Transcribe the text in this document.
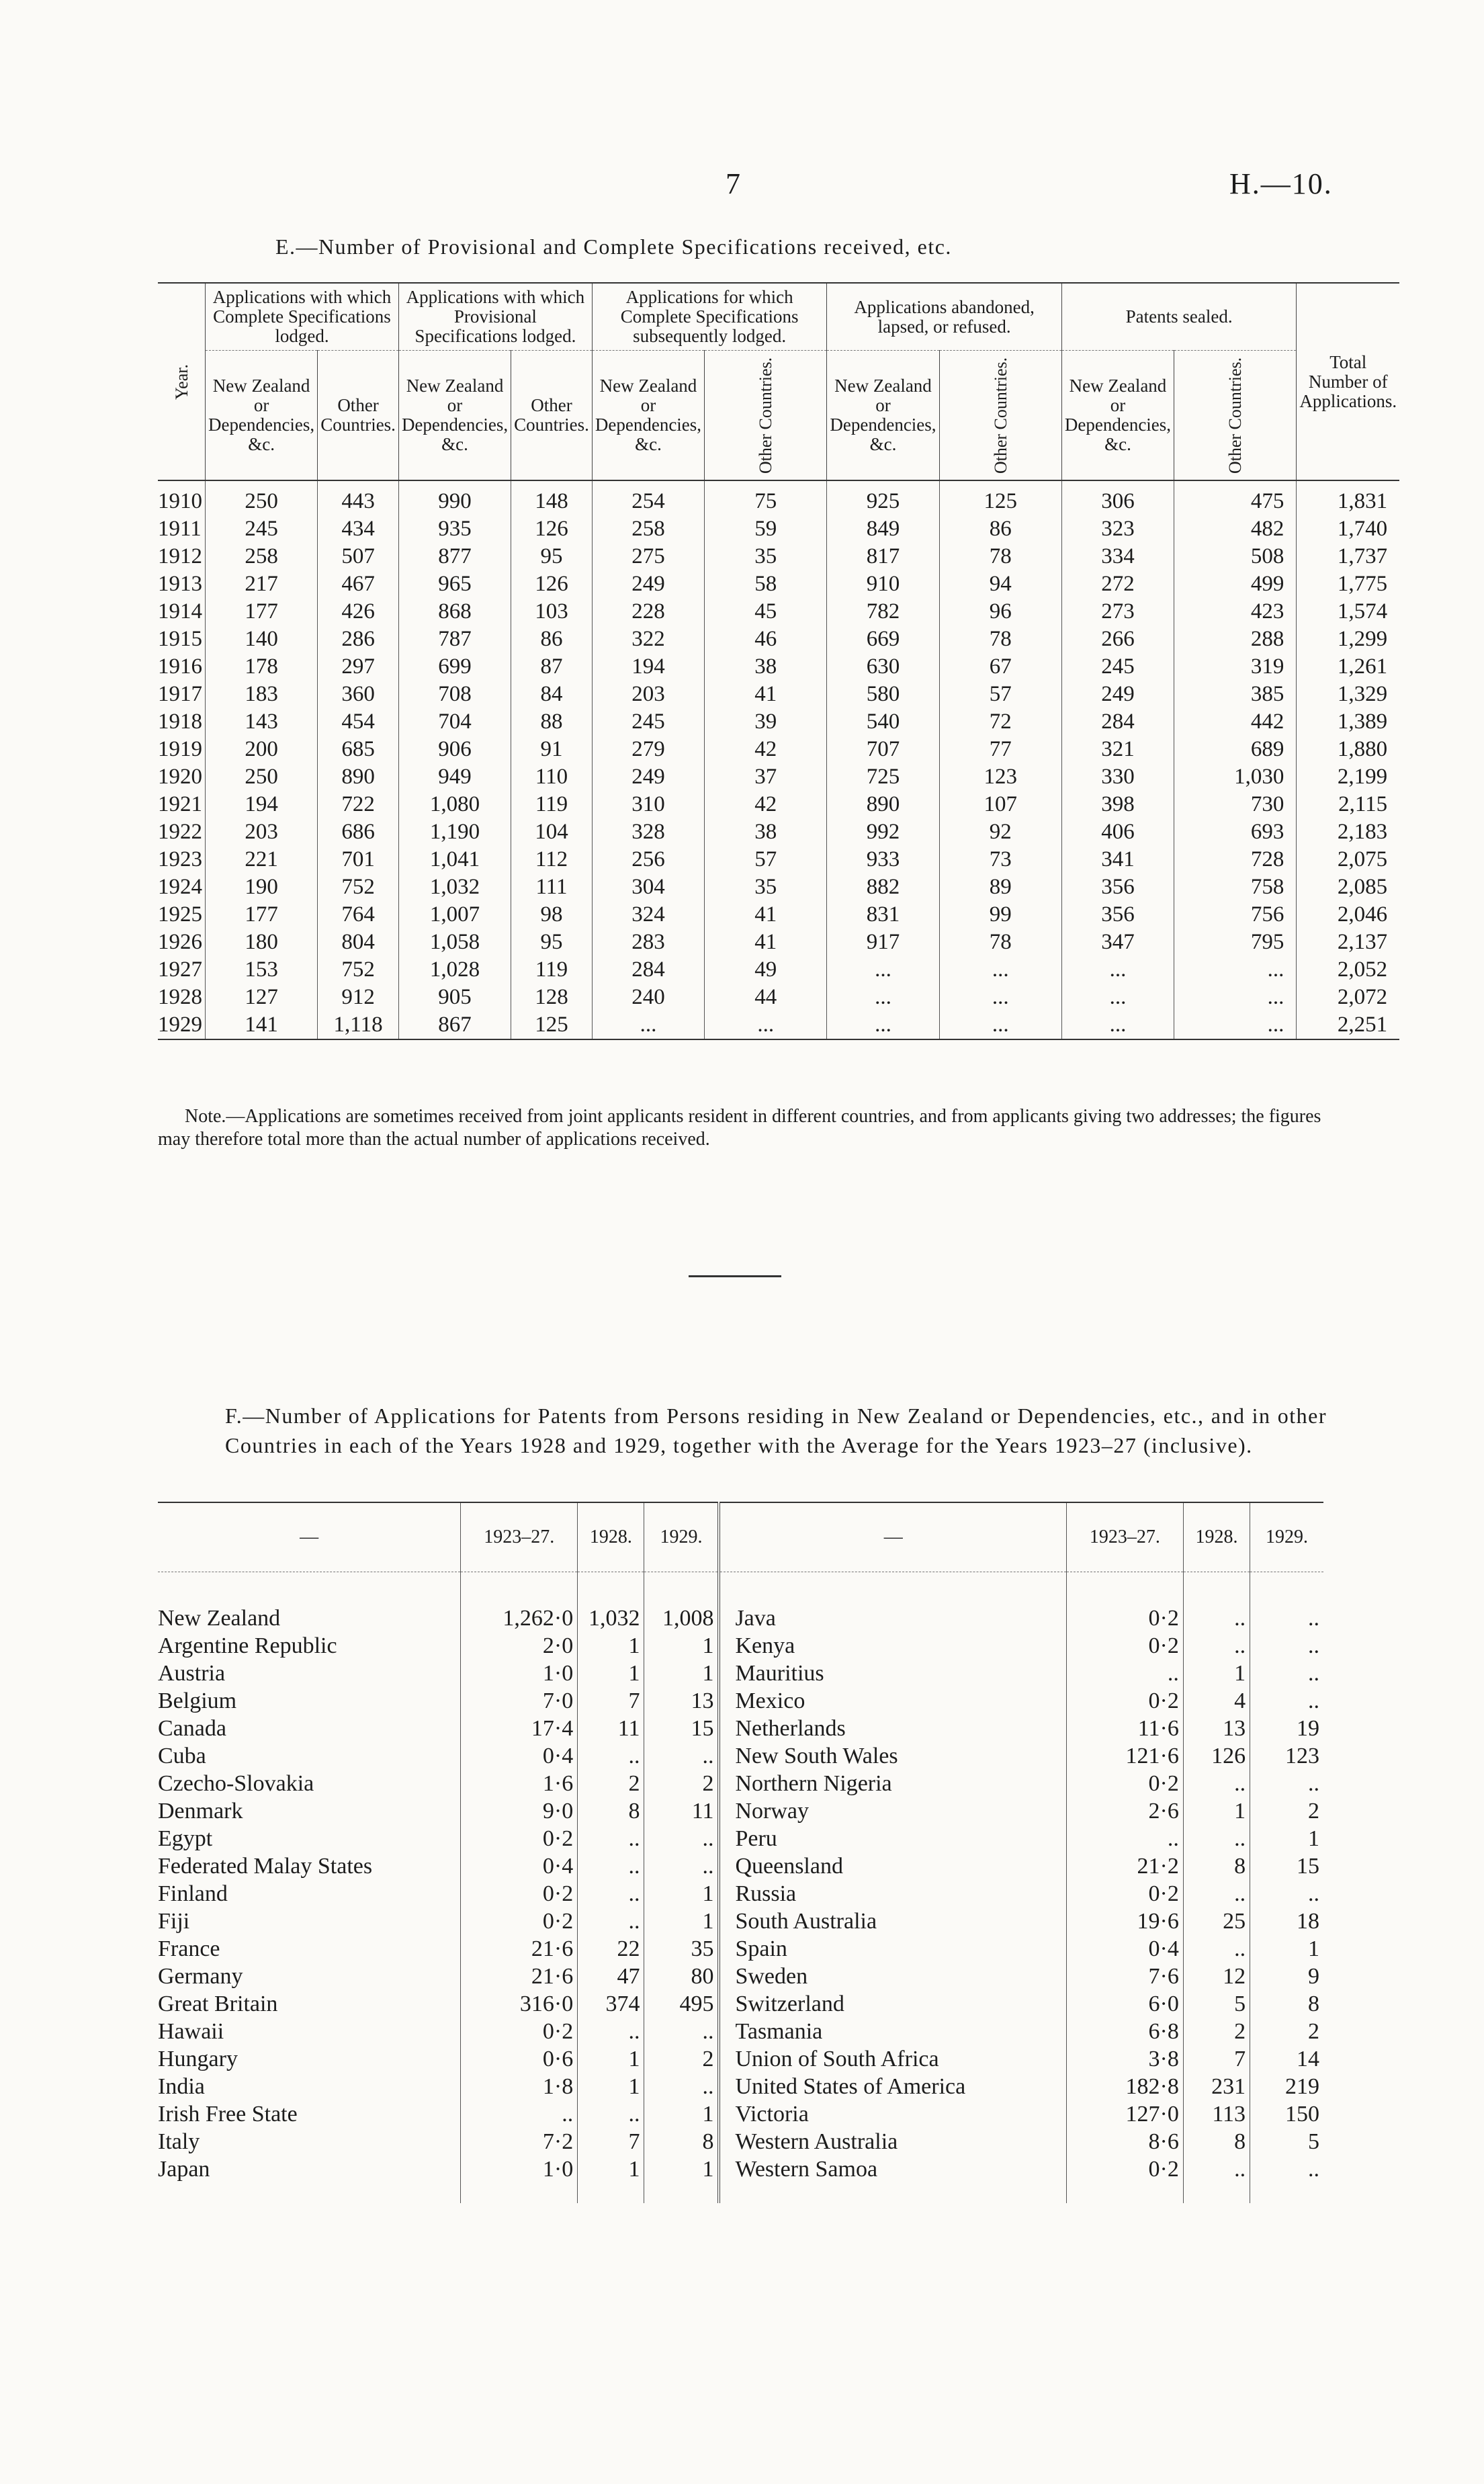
7	H.—10.
E.—Number of Provisional and Complete Specifications received, etc.
Year.	Applications with which Complete Specifications lodged.		Applications with which Provisional Specifications lodged.		Applications for which Complete Specifications subsequently lodged.		Applications abandoned, lapsed, or refused.		Patents sealed.		Total Number of Applications.
	New Zealand or Dependencies, &c.	Other Countries.	New Zealand or Dependencies, &c.	Other Countries.	New Zealand or Dependencies, &c.	Other Countries.	New Zealand or Dependencies, &c.	Other Countries.	New Zealand or Dependencies, &c.	Other Countries.	
1910	250	443	990	148	254	75	925	125	306	475	1,831
1911	245	434	935	126	258	59	849	86	323	482	1,740
1912	258	507	877	95	275	35	817	78	334	508	1,737
1913	217	467	965	126	249	58	910	94	272	499	1,775
1914	177	426	868	103	228	45	782	96	273	423	1,574
1915	140	286	787	86	322	46	669	78	266	288	1,299
1916	178	297	699	87	194	38	630	67	245	319	1,261
1917	183	360	708	84	203	41	580	57	249	385	1,329
1918	143	454	704	88	245	39	540	72	284	442	1,389
1919	200	685	906	91	279	42	707	77	321	689	1,880
1920	250	890	949	110	249	37	725	123	330	1,030	2,199
1921	194	722	1,080	119	310	42	890	107	398	730	2,115
1922	203	686	1,190	104	328	38	992	92	406	693	2,183
1923	221	701	1,041	112	256	57	933	73	341	728	2,075
1924	190	752	1,032	111	304	35	882	89	356	758	2,085
1925	177	764	1,007	98	324	41	831	99	356	756	2,046
1926	180	804	1,058	95	283	41	917	78	347	795	2,137
1927	153	752	1,028	119	284	49	...	...	...	...	2,052
1928	127	912	905	128	240	44	...	...	...	...	2,072
1929	141	1,118	867	125	...	...	...	...	...	...	2,251
Note.—Applications are sometimes received from joint applicants resident in different countries, and from applicants giving two addresses; the figures may therefore total more than the actual number of applications received.
F.—Number of Applications for Patents from Persons residing in New Zealand or Dependencies, etc., and in other Countries in each of the Years 1928 and 1929, together with the Average for the Years 1923–27 (inclusive).
—	1923–27.	1928.	1929.	—	1923–27.	1928.	1929.

New Zealand	1,262·0	1,032	1,008	Java	0·2	..	..

Argentine Republic	2·0	1	1	Kenya	0·2	..	..

Austria	1·0	1	1	Mauritius	..	1	..

Belgium	7·0	7	13	Mexico	0·2	4	..

Canada	17·4	11	15	Netherlands	11·6	13	19

Cuba	0·4	..	..	New South Wales	121·6	126	123

Czecho-Slovakia	1·6	2	2	Northern Nigeria	0·2	..	..

Denmark	9·0	8	11	Norway	2·6	1	2

Egypt	0·2	..	..	Peru	..	..	1

Federated Malay States	0·4	..	..	Queensland	21·2	8	15

Finland	0·2	..	1	Russia	0·2	..	..

Fiji	0·2	..	1	South Australia	19·6	25	18

France	21·6	22	35	Spain	0·4	..	1

Germany	21·6	47	80	Sweden	7·6	12	9

Great Britain	316·0	374	495	Switzerland	6·0	5	8

Hawaii	0·2	..	..	Tasmania	6·8	2	2

Hungary	0·6	1	2	Union of South Africa	3·8	7	14

India	1·8	1	..	United States of America	182·8	231	219

Irish Free State	..	..	1	Victoria	127·0	113	150

Italy	7·2	7	8	Western Australia	8·6	8	5

Japan	1·0	1	1	Western Samoa	0·2	..	..
